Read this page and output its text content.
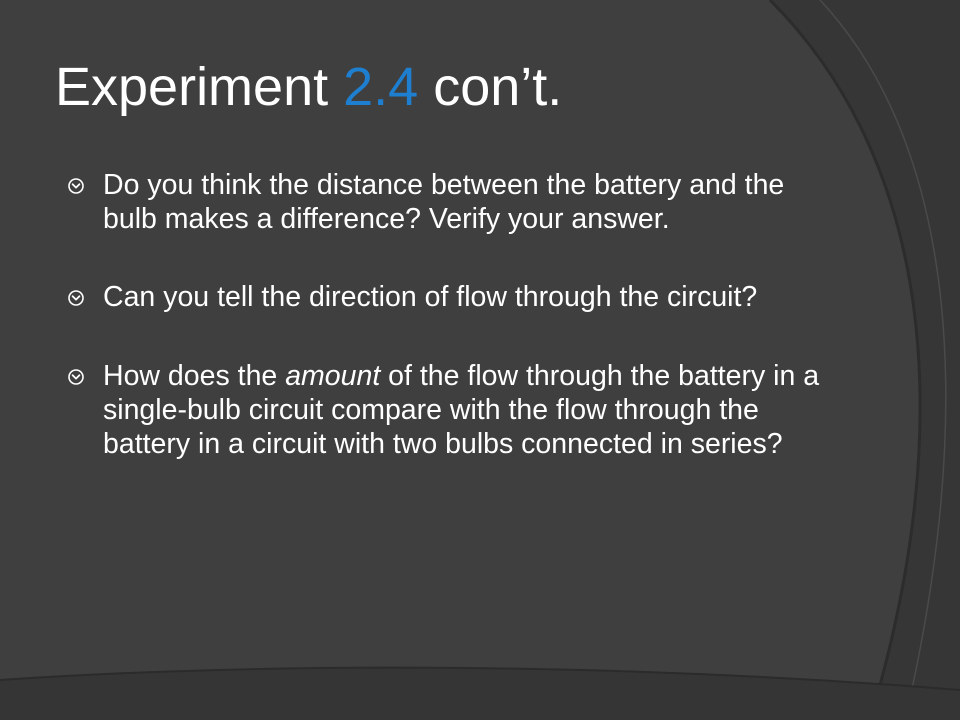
Experiment 2.4 con’t.
Do you think the distance between the battery and the bulb makes a difference? Verify your answer.
Can you tell the direction of flow through the circuit?
How does the amount of the flow through the battery in a single-bulb circuit compare with the flow through the battery in a circuit with two bulbs connected in series?
